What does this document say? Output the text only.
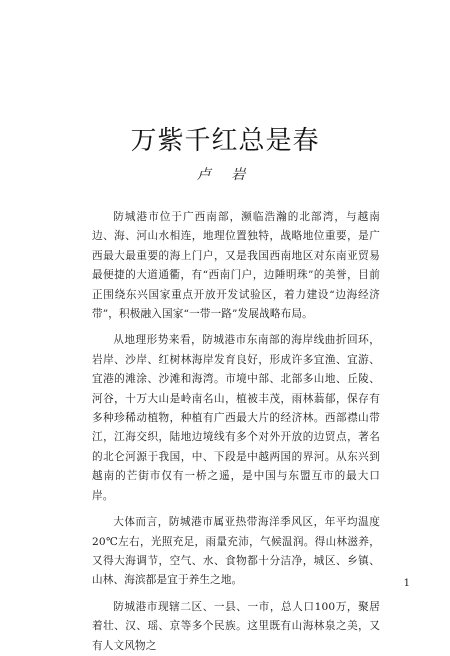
万紫千红总是春
卢 岩

防城港市位于广西南部，濒临浩瀚的北部湾，与越南边、海、河山水相连，地理位置独特，战略地位重要，是广西最大最重要的海上门户，又是我国西南地区对东南亚贸易最便捷的大道通衢，有“西南门户，边陲明珠”的美誉，目前正围绕东兴国家重点开放开发试验区，着力建设“边海经济带”，积极融入国家“一带一路”发展战略布局。

从地理形势来看，防城港市东南部的海岸线曲折回环，岩岸、沙岸、红树林海岸发育良好，形成许多宜渔、宜游、宜港的滩涂、沙滩和海湾。市境中部、北部多山地、丘陵、河谷，十万大山是岭南名山，植被丰茂，雨林蓊郁，保存有多种珍稀动植物，种植有广西最大片的经济林。西部襟山带江，江海交织，陆地边境线有多个对外开放的边贸点，著名的北仑河源于我国，中、下段是中越两国的界河。从东兴到越南的芒街市仅有一桥之遥，是中国与东盟互市的最大口岸。

大体而言，防城港市属亚热带海洋季风区，年平均温度20℃左右，光照充足，雨量充沛，气候温润。得山林滋养，又得大海调节，空气、水、食物都十分洁净，城区、乡镇、山林、海滨都是宜于养生之地。

防城港市现辖二区、一县、一市，总人口100万，聚居着壮、汉、瑶、京等多个民族。这里既有山海林泉之美，又有人文风物之

1
